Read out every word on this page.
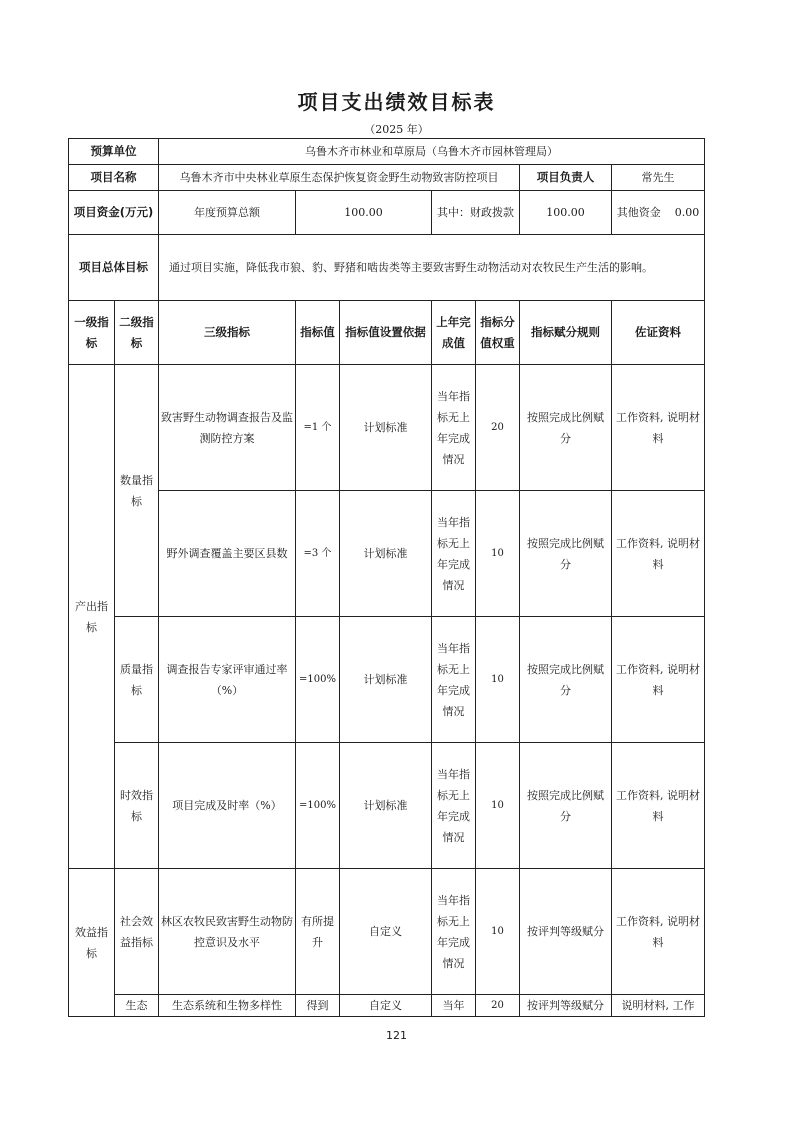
项目支出绩效目标表
（2025 年）
预算单位		乌鲁木齐市林业和草原局（乌鲁木齐市园林管理局）						
项目名称		乌鲁木齐市中央林业草原生态保护恢复资金野生动物致害防控项目					项目负责人	常先生
项目资金(万元)		年度预算总额	100.00		其中：财政拨款		100.00	其他资金 0.00
项目总体目标		通过项目实施，降低我市狼、豹、野猪和啮齿类等主要致害野生动物活动对农牧民生产生活的影响。						
一级指标	二级指标	三级指标	指标值	指标值设置依据	上年完成值	指标分值权重	指标赋分规则	佐证资料
产出指标	数量指标	致害野生动物调查报告及监测防控方案	=1 个	计划标准	当年指标无上年完成情况	20	按照完成比例赋分	工作资料, 说明材料
		野外调查覆盖主要区县数	=3 个	计划标准	当年指标无上年完成情况	10	按照完成比例赋分	工作资料, 说明材料
	质量指标	调查报告专家评审通过率（%）	=100%	计划标准	当年指标无上年完成情况	10	按照完成比例赋分	工作资料, 说明材料
	时效指标	项目完成及时率（%）	=100%	计划标准	当年指标无上年完成情况	10	按照完成比例赋分	工作资料, 说明材料
效益指标	社会效益指标	林区农牧民致害野生动物防控意识及水平	有所提升	自定义	当年指标无上年完成情况	10	按评判等级赋分	工作资料, 说明材料
	生态	生态系统和生物多样性	得到	自定义	当年	20	按评判等级赋分	说明材料, 工作
121
